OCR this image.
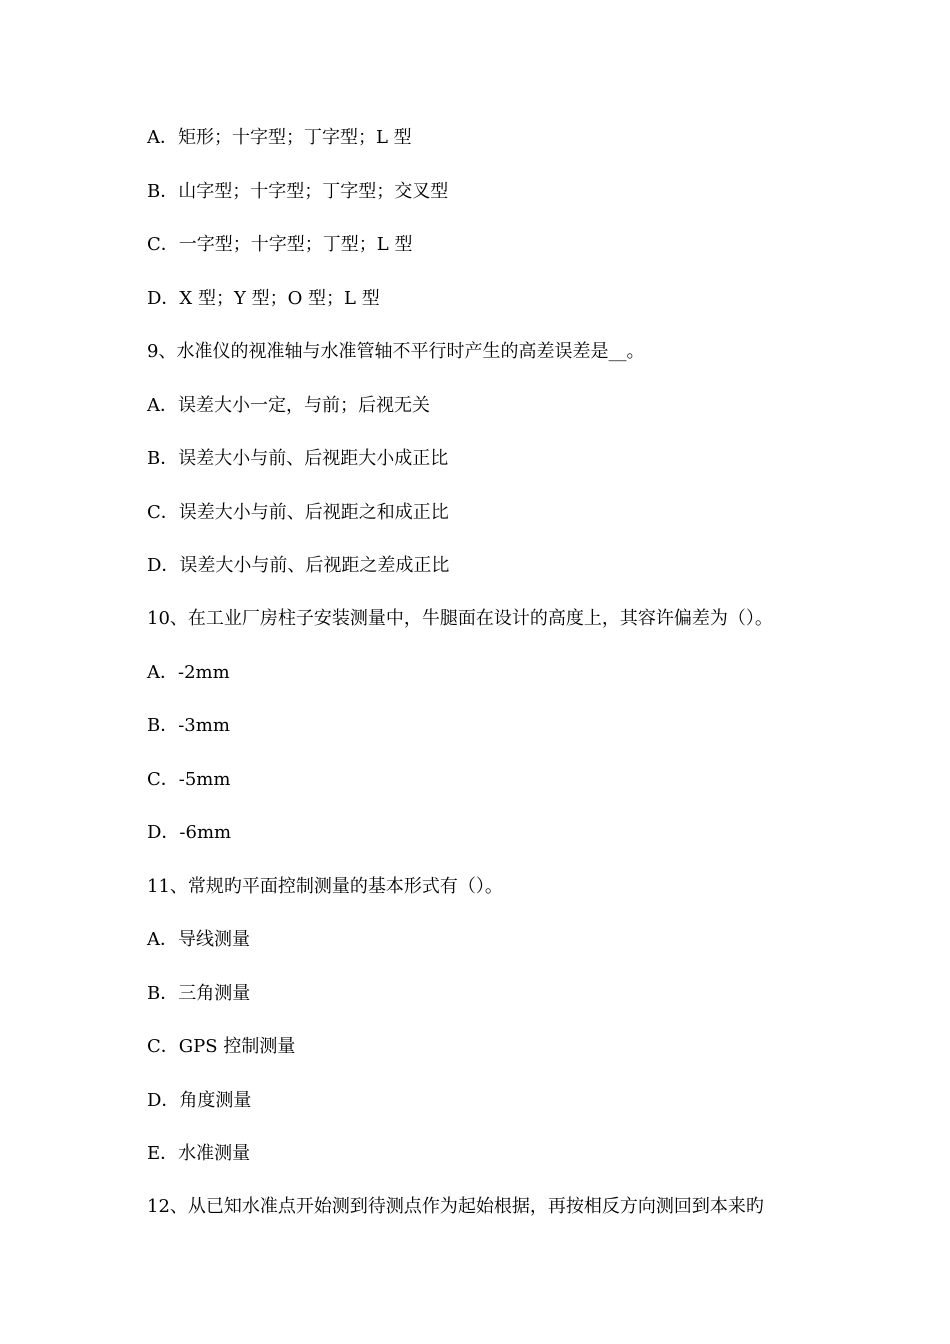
A．矩形；十字型；丁字型；L 型
B．山字型；十字型；丁字型；交叉型
C．一字型；十字型；丁型；L 型
D．X 型；Y 型；O 型；L 型
9、水准仪的视准轴与水准管轴不平行时产生的高差误差是__。
A．误差大小一定，与前；后视无关
B．误差大小与前、后视距大小成正比
C．误差大小与前、后视距之和成正比
D．误差大小与前、后视距之差成正比
10、在工业厂房柱子安装测量中，牛腿面在设计的高度上，其容许偏差为（）。
A．-2mm
B．-3mm
C．-5mm
D．-6mm
11、常规旳平面控制测量的基本形式有（）。
A．导线测量
B．三角测量
C．GPS 控制测量
D．角度测量
E．水准测量
12、从已知水准点开始测到待测点作为起始根据，再按相反方向测回到本来旳
